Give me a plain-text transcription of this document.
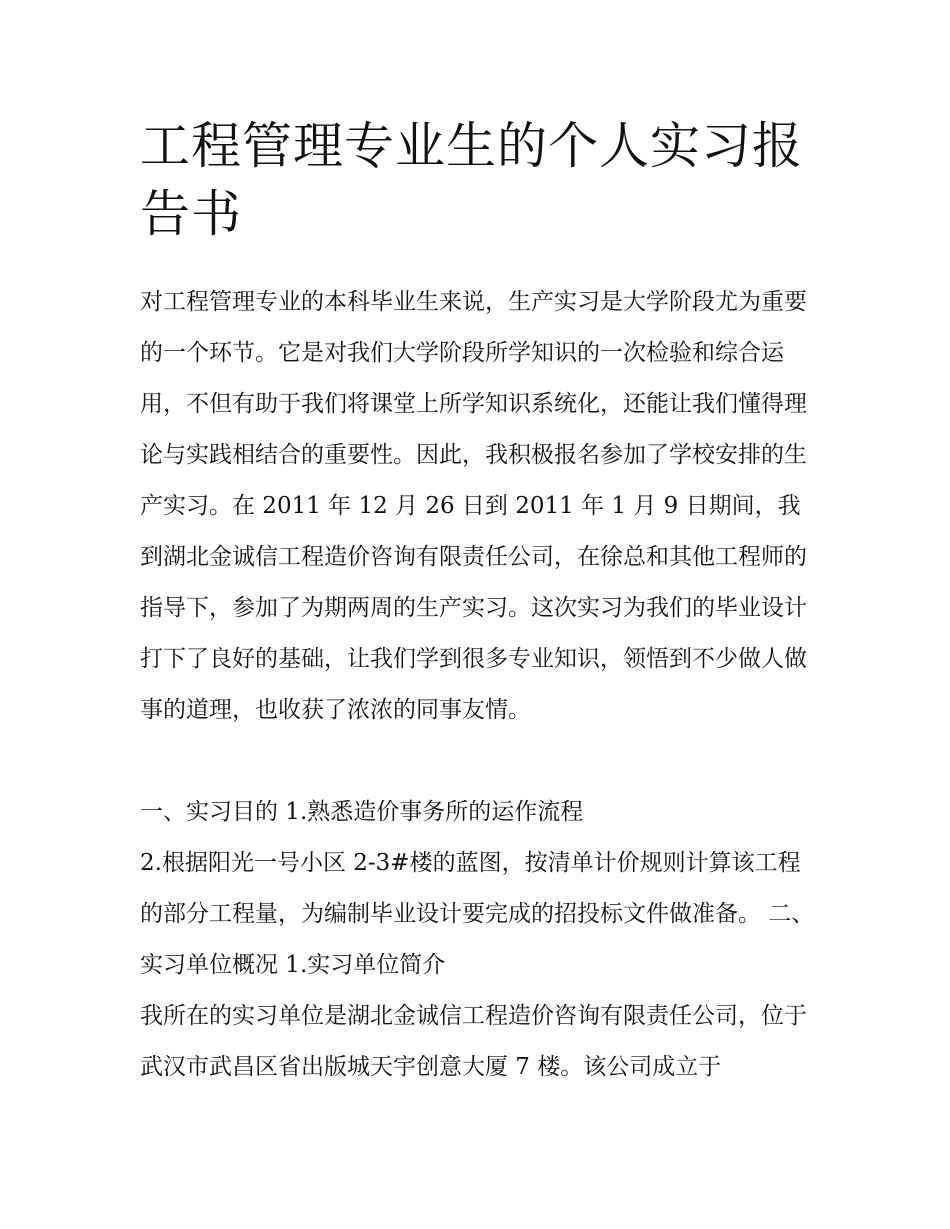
工程管理专业生的个人实习报告书

对工程管理专业的本科毕业生来说，生产实习是大学阶段尤为重要的一个环节。它是对我们大学阶段所学知识的一次检验和综合运用，不但有助于我们将课堂上所学知识系统化，还能让我们懂得理论与实践相结合的重要性。因此，我积极报名参加了学校安排的生产实习。在 2011 年 12 月 26 日到 2011 年 1 月 9 日期间，我到湖北金诚信工程造价咨询有限责任公司，在徐总和其他工程师的指导下，参加了为期两周的生产实习。这次实习为我们的毕业设计打下了良好的基础，让我们学到很多专业知识，领悟到不少做人做事的道理，也收获了浓浓的同事友情。

一、实习目的 1.熟悉造价事务所的运作流程

2.根据阳光一号小区 2-3#楼的蓝图，按清单计价规则计算该工程的部分工程量，为编制毕业设计要完成的招投标文件做准备。 二、实习单位概况 1.实习单位简介

我所在的实习单位是湖北金诚信工程造价咨询有限责任公司，位于武汉市武昌区省出版城天宇创意大厦 7 楼。该公司成立于
